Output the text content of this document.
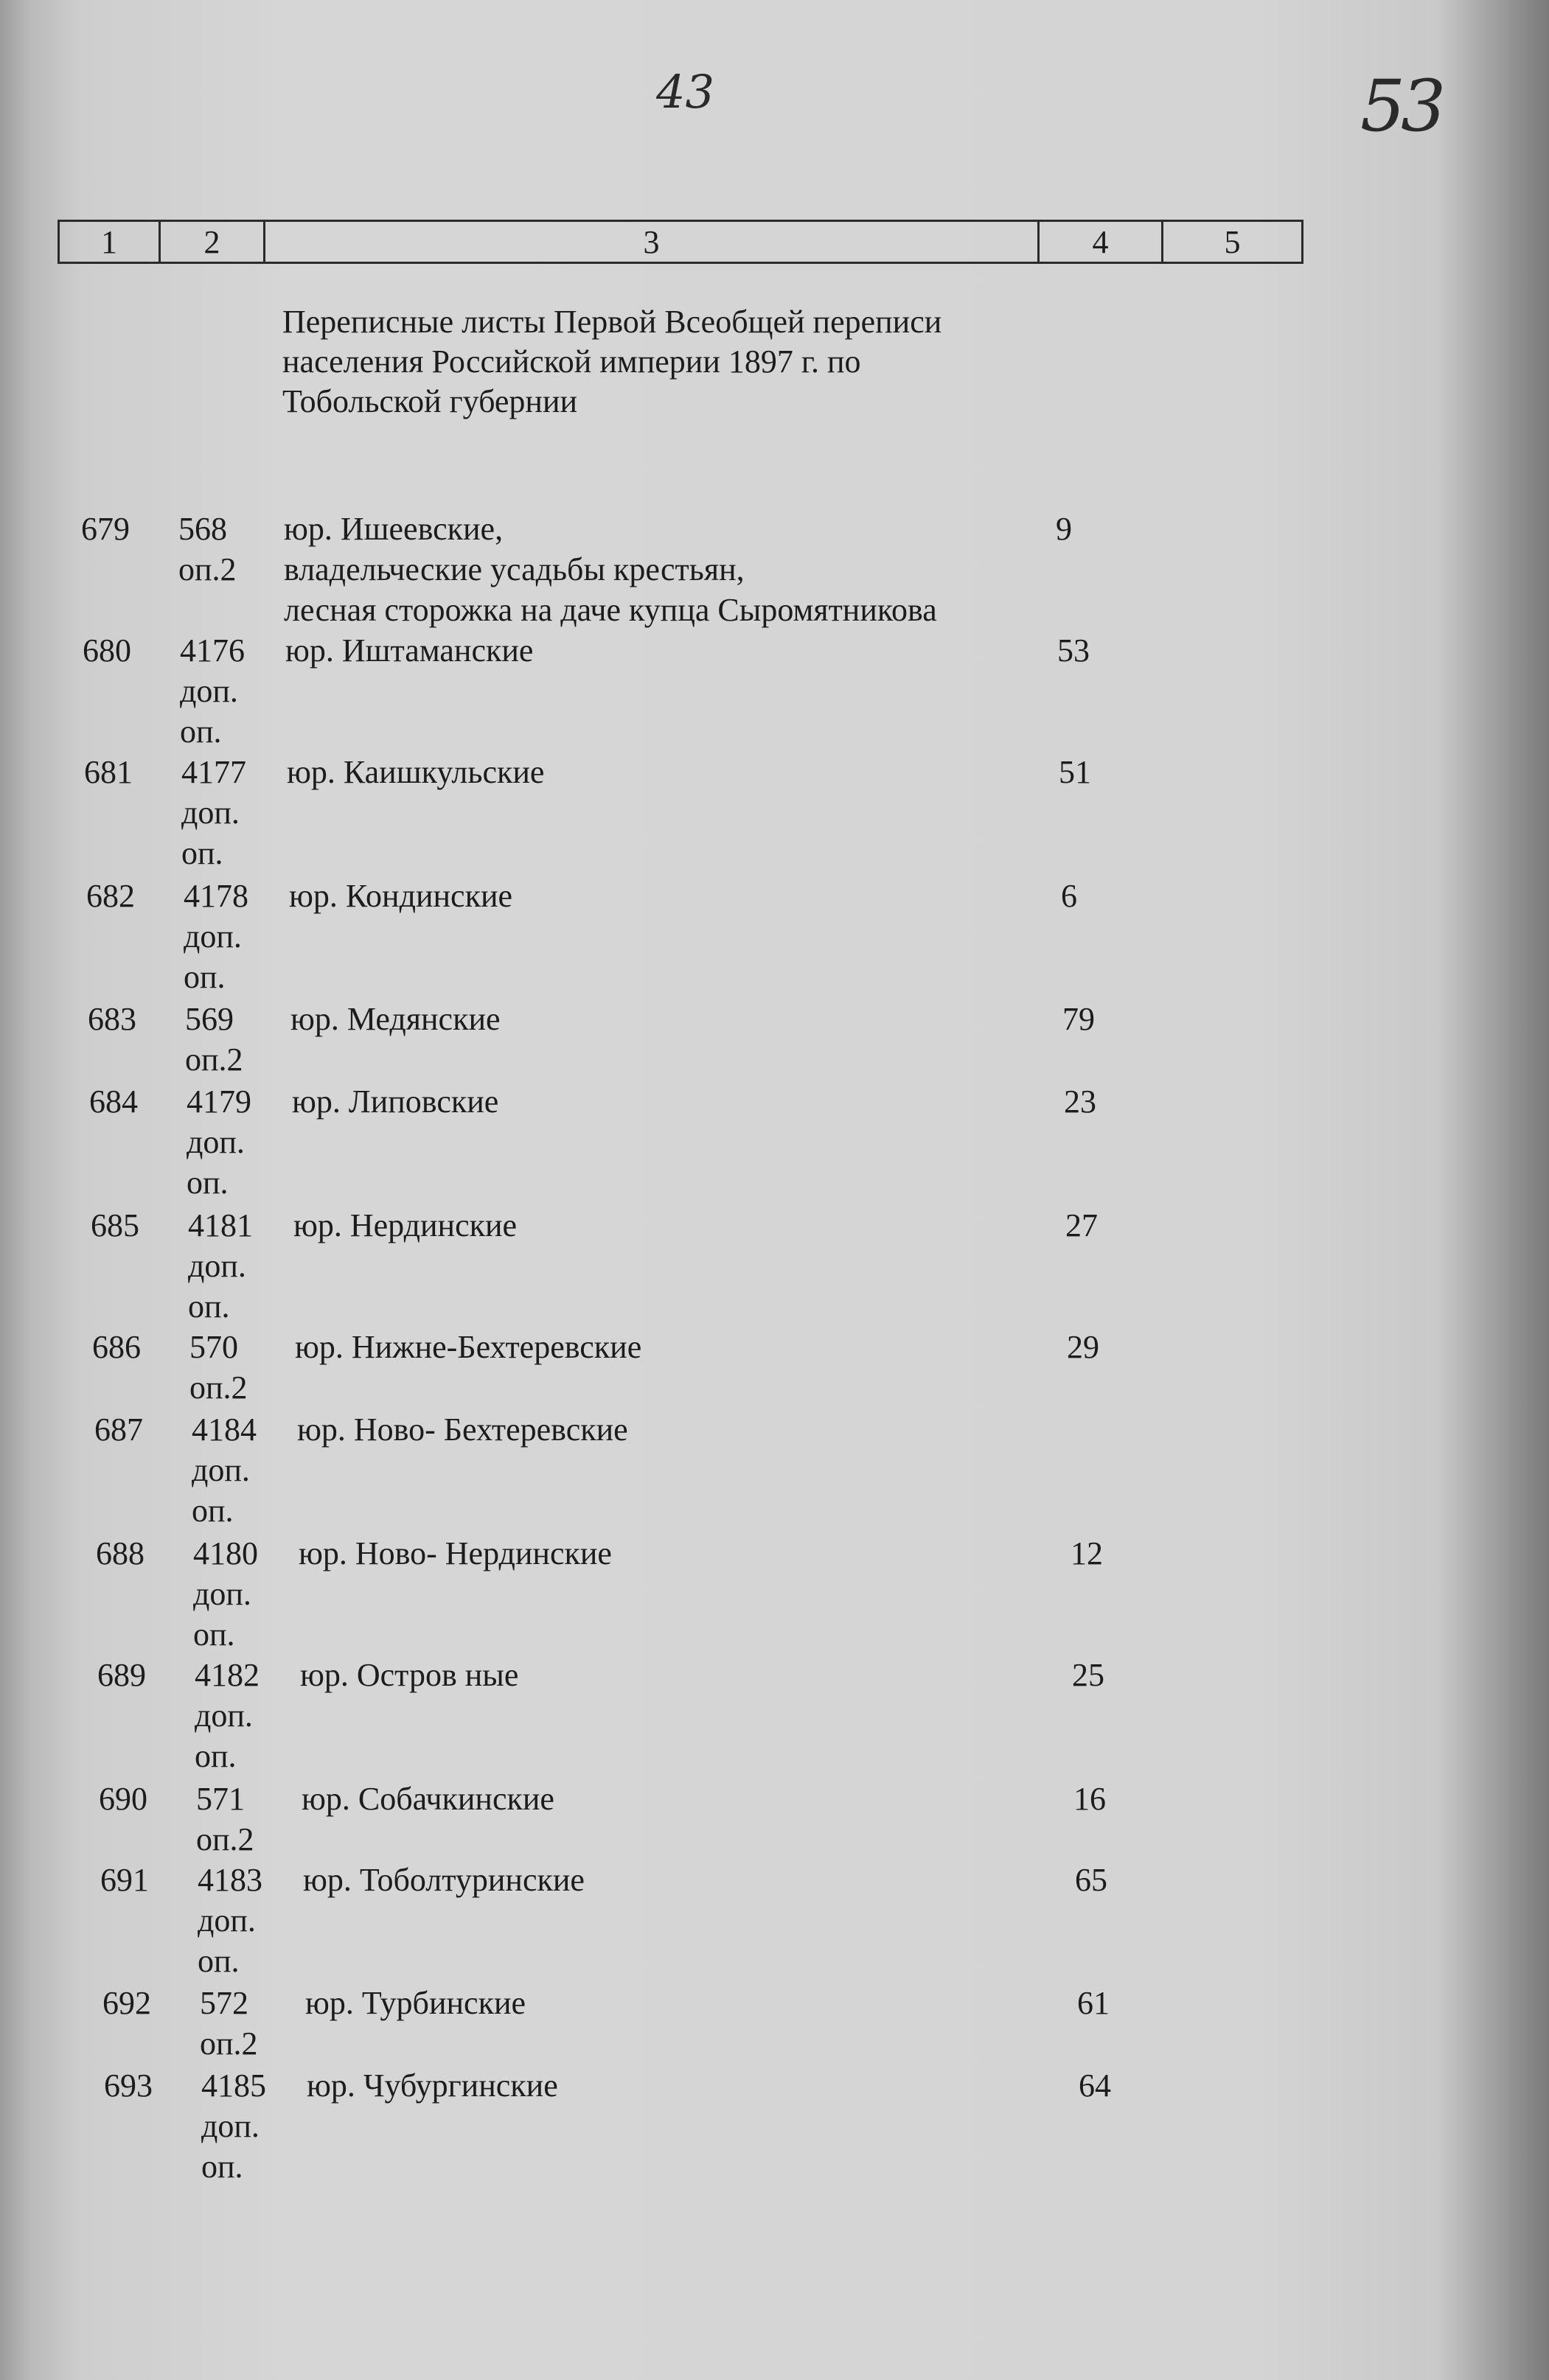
43	53
1	2	3	4	5
Переписные листы Первой Всеобщей переписи
населения Российской империи 1897 г. по
Тобольской губернии
679 568
оп.2
юр. Ишеевские,
владельческие усадьбы крестьян,
лесная сторожка на даче купца Сыромятникова
9
680 4176
доп.
оп.
юр. Иштаманские	53
681 4177
доп.
оп.
юр. Каишкульские	51
682 4178
доп.
оп.
юр. Кондинские	6
683 569
оп.2
юр. Медянские	79
684 4179
доп.
оп.
юр. Липовские	23
685 4181
доп.
оп.
юр. Нердинские	27
686 570
оп.2
юр. Нижне-Бехтеревские	29
687 4184
доп.
оп.
юр. Ново- Бехтеревские
688 4180
доп.
оп.
юр. Ново- Нердинские	12
689 4182
доп.
оп.
юр. Остров ные	25
690 571
оп.2
юр. Собачкинские	16
691 4183
доп.
оп.
юр. Тоболтуринские	65
692 572
оп.2
юр. Турбинские	61
693 4185
доп.
оп.
юр. Чубургинские	64
